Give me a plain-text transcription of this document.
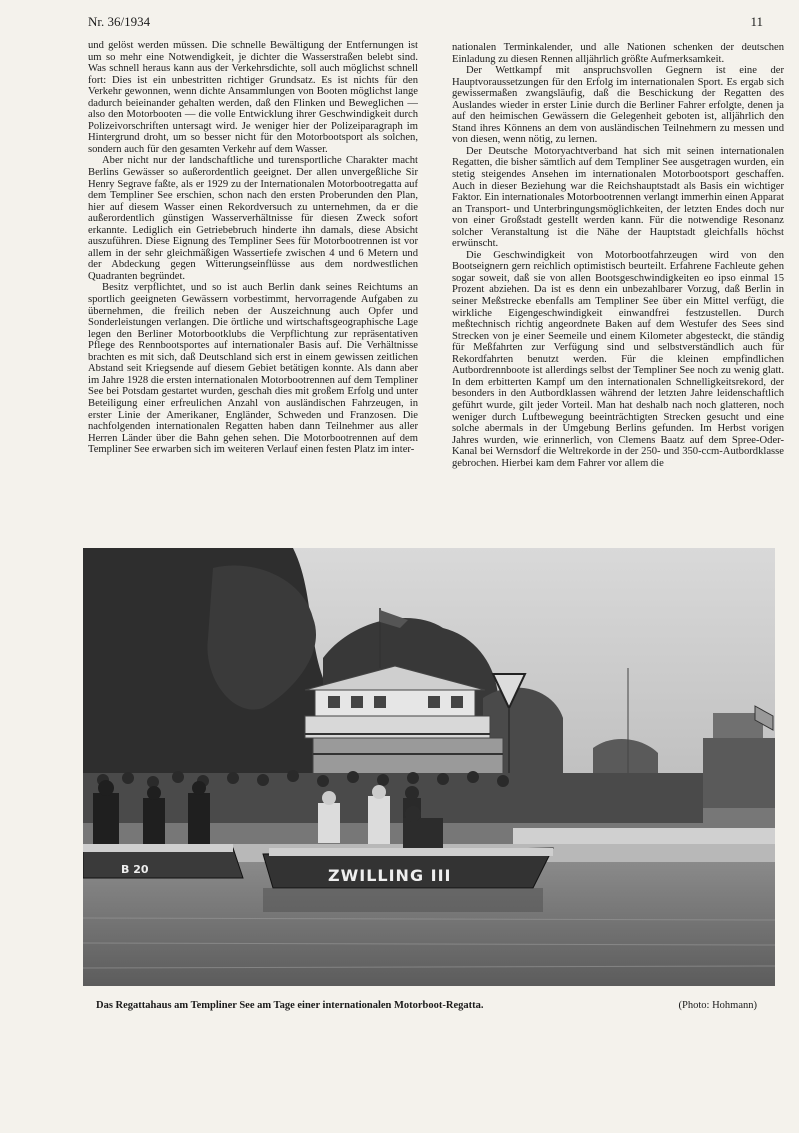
Nr. 36/1934	11

und gelöst werden müssen. Die schnelle Bewältigung der Entfernungen ist um so mehr eine Notwendigkeit, je dichter die Wasserstraßen belebt sind. Was schnell heraus kann aus der Verkehrsdichte, soll auch möglichst schnell fort: Dies ist ein unbestritten richtiger Grundsatz. Es ist nichts für den Verkehr gewonnen, wenn dichte Ansammlungen von Booten möglichst lange dadurch beieinander gehalten werden, daß den Flinken und Beweglichen — also den Motorbooten — die volle Entwicklung ihrer Geschwindigkeit durch Polizeivorschriften untersagt wird. Je weniger hier der Polizeiparagraph im Hintergrund droht, um so besser nicht für den Motorbootsport als solchen, sondern auch für den gesamten Verkehr auf dem Wasser.

Aber nicht nur der landschaftliche und turensportliche Charakter macht Berlins Gewässer so außerordentlich geeignet. Der allen unvergeßliche Sir Henry Segrave faßte, als er 1929 zu der Internationalen Motorbootregatta auf dem Templiner See erschien, schon nach den ersten Proberunden den Plan, hier auf diesem Wasser einen Rekordversuch zu unternehmen, da er die außerordentlich günstigen Wasserverhältnisse für diesen Zweck sofort erkannte. Lediglich ein Getriebebruch hinderte ihn damals, diese Absicht auszuführen. Diese Eignung des Templiner Sees für Motorbootrennen ist vor allem in der sehr gleichmäßigen Wassertiefe zwischen 4 und 6 Metern und der Abdeckung gegen Witterungseinflüsse aus dem nordwestlichen Quadranten begründet.

Besitz verpflichtet, und so ist auch Berlin dank seines Reichtums an sportlich geeigneten Gewässern vorbestimmt, hervorragende Aufgaben zu übernehmen, die freilich neben der Auszeichnung auch Opfer und Sonderleistungen verlangen. Die örtliche und wirtschaftsgeographische Lage legen den Berliner Motorbootklubs die Verpflichtung zur repräsentativen Pflege des Rennbootsportes auf internationaler Basis auf. Die Verhältnisse brachten es mit sich, daß Deutschland sich erst in einem gewissen zeitlichen Abstand seit Kriegsende auf diesem Gebiet betätigen konnte. Als dann aber im Jahre 1928 die ersten internationalen Motorbootrennen auf dem Templiner See bei Potsdam gestartet wurden, geschah dies mit großem Erfolg und unter Beteiligung einer erfreulichen Anzahl von ausländischen Fahrzeugen, in erster Linie der Amerikaner, Engländer, Schweden und Franzosen. Die nachfolgenden internationalen Regatten haben dann Teilnehmer aus aller Herren Länder über die Bahn gehen sehen. Die Motorbootrennen auf dem Templiner See erwarben sich im weiteren Verlauf einen festen Platz im inter-

nationalen Terminkalender, und alle Nationen schenken der deutschen Einladung zu diesen Rennen alljährlich größte Aufmerksamkeit.

Der Wettkampf mit anspruchsvollen Gegnern ist eine der Hauptvoraussetzungen für den Erfolg im internationalen Sport. Es ergab sich gewissermaßen zwangsläufig, daß die Beschickung der Regatten des Auslandes wieder in erster Linie durch die Berliner Fahrer erfolgte, denen ja auf den heimischen Gewässern die Gelegenheit geboten ist, alljährlich den Stand ihres Könnens an dem von ausländischen Teilnehmern zu messen und von diesen, wenn nötig, zu lernen.

Der Deutsche Motoryachtverband hat sich mit seinen internationalen Regatten, die bisher sämtlich auf dem Templiner See ausgetragen wurden, ein stetig steigendes Ansehen im internationalen Motorbootsport geschaffen. Auch in dieser Beziehung war die Reichshauptstadt als Basis ein wichtiger Faktor. Ein internationales Motorbootrennen verlangt immerhin einen Apparat an Transport- und Unterbringungsmöglichkeiten, der letzten Endes doch nur von einer Großstadt gestellt werden kann. Für die notwendige Resonanz solcher Veranstaltung ist die Nähe der Hauptstadt gleichfalls höchst erwünscht.

Die Geschwindigkeit von Motorbootfahrzeugen wird von den Bootseignern gern reichlich optimistisch beurteilt. Erfahrene Fachleute gehen sogar soweit, daß sie von allen Bootsgeschwindigkeiten eo ipso einmal 15 Prozent abziehen. Da ist es denn ein unbezahlbarer Vorzug, daß Berlin in seiner Meßstrecke ebenfalls am Templiner See über ein Mittel verfügt, die wirkliche Eigengeschwindigkeit einwandfrei festzustellen. Durch meßtechnisch richtig angeordnete Baken auf dem Westufer des Sees sind Strecken von je einer Seemeile und einem Kilometer abgesteckt, die ständig für Meßfahrten zur Verfügung sind und selbstverständlich auch für Rekordfahrten benutzt werden. Für die kleinen empfindlichen Autbordrennboote ist allerdings selbst der Templiner See noch zu wenig glatt. In dem erbitterten Kampf um den internationalen Schnelligkeitsrekord, der besonders in den Autbordklassen während der letzten Jahre leidenschaftlich geführt wurde, gilt jeder Vorteil. Man hat deshalb nach noch glatteren, noch weniger durch Luftbewegung beeinträchtigten Strecken gesucht und eine solche abermals in der Umgebung Berlins gefunden. Im Herbst vorigen Jahres wurden, wie erinnerlich, von Clemens Baatz auf dem Spree-Oder-Kanal bei Wernsdorf die Weltrekorde in der 250- und 350-ccm-Autbordklasse gebrochen. Hierbei kam dem Fahrer vor allem die

ZWILLING III
B 20
Das Regattahaus am Templiner See am Tage einer internationalen Motorboot-Regatta.	(Photo: Hohmann)
